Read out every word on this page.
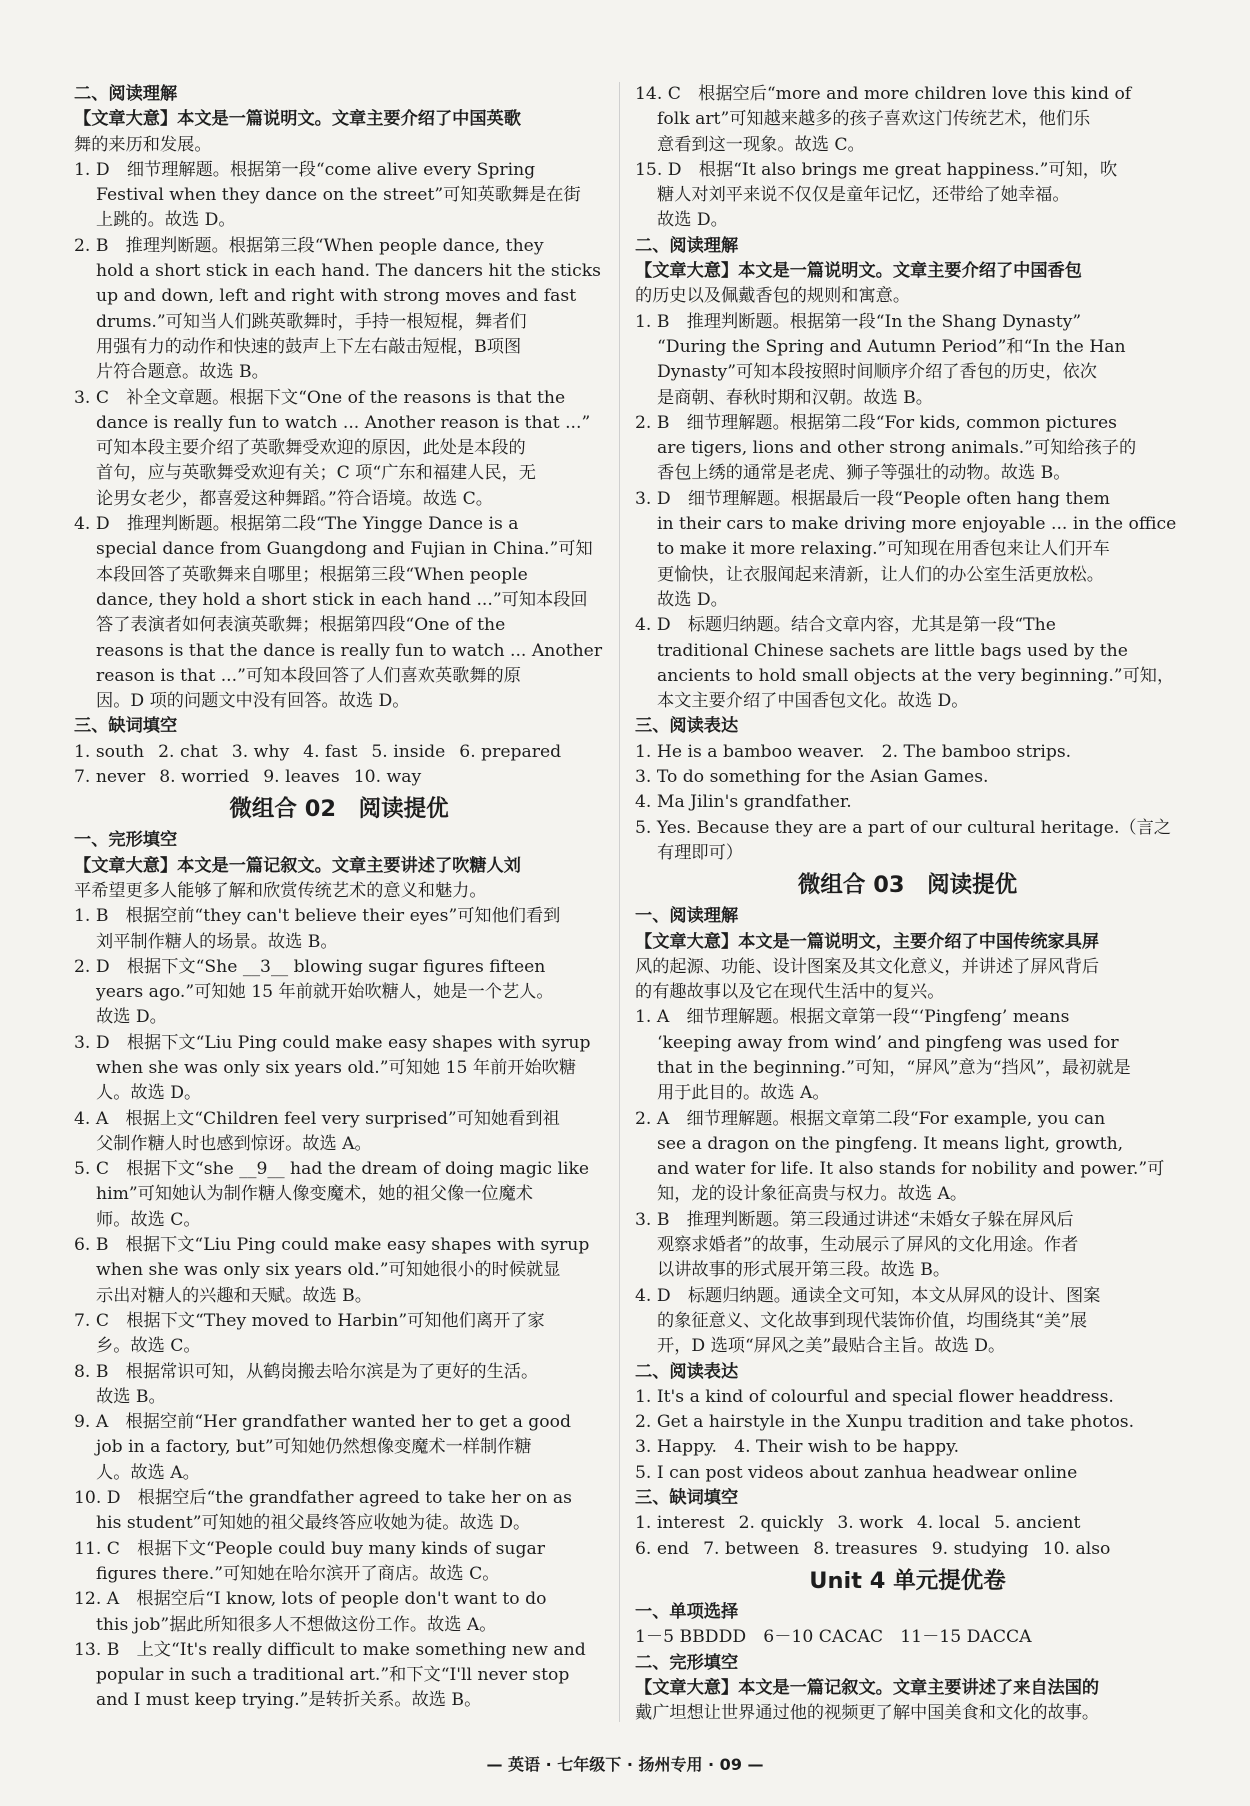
二、阅读理解
【文章大意】本文是一篇说明文。文章主要介绍了中国英歌
舞的来历和发展。
1. D　细节理解题。根据第一段“come alive every Spring
Festival when they dance on the street”可知英歌舞是在街
上跳的。故选 D。
2. B　推理判断题。根据第三段“When people dance, they
hold a short stick in each hand. The dancers hit the sticks
up and down, left and right with strong moves and fast
drums.”可知当人们跳英歌舞时，手持一根短棍，舞者们
用强有力的动作和快速的鼓声上下左右敲击短棍，B项图
片符合题意。故选 B。
3. C　补全文章题。根据下文“One of the reasons is that the
dance is really fun to watch ... Another reason is that ...”
可知本段主要介绍了英歌舞受欢迎的原因，此处是本段的
首句，应与英歌舞受欢迎有关；C 项“广东和福建人民，无
论男女老少，都喜爱这种舞蹈。”符合语境。故选 C。
4. D　推理判断题。根据第二段“The Yingge Dance is a
special dance from Guangdong and Fujian in China.”可知
本段回答了英歌舞来自哪里；根据第三段“When people
dance, they hold a short stick in each hand ...”可知本段回
答了表演者如何表演英歌舞；根据第四段“One of the
reasons is that the dance is really fun to watch ... Another
reason is that ...”可知本段回答了人们喜欢英歌舞的原
因。D 项的问题文中没有回答。故选 D。
三、缺词填空
1. south 2. chat 3. why 4. fast 5. inside 6. prepared
7. never 8. worried 9. leaves 10. way
微组合 02　阅读提优
一、完形填空
【文章大意】本文是一篇记叙文。文章主要讲述了吹糖人刘
平希望更多人能够了解和欣赏传统艺术的意义和魅力。
1. B　根据空前“they can't believe their eyes”可知他们看到
刘平制作糖人的场景。故选 B。
2. D　根据下文“She __3__ blowing sugar figures fifteen
years ago.”可知她 15 年前就开始吹糖人，她是一个艺人。
故选 D。
3. D　根据下文“Liu Ping could make easy shapes with syrup
when she was only six years old.”可知她 15 年前开始吹糖
人。故选 D。
4. A　根据上文“Children feel very surprised”可知她看到祖
父制作糖人时也感到惊讶。故选 A。
5. C　根据下文“she __9__ had the dream of doing magic like
him”可知她认为制作糖人像变魔术，她的祖父像一位魔术
师。故选 C。
6. B　根据下文“Liu Ping could make easy shapes with syrup
when she was only six years old.”可知她很小的时候就显
示出对糖人的兴趣和天赋。故选 B。
7. C　根据下文“They moved to Harbin”可知他们离开了家
乡。故选 C。
8. B　根据常识可知，从鹤岗搬去哈尔滨是为了更好的生活。
故选 B。
9. A　根据空前“Her grandfather wanted her to get a good
job in a factory, but”可知她仍然想像变魔术一样制作糖
人。故选 A。
10. D　根据空后“the grandfather agreed to take her on as
his student”可知她的祖父最终答应收她为徒。故选 D。
11. C　根据下文“People could buy many kinds of sugar
figures there.”可知她在哈尔滨开了商店。故选 C。
12. A　根据空后“I know, lots of people don't want to do
this job”据此所知很多人不想做这份工作。故选 A。
13. B　上文“It's really difficult to make something new and
popular in such a traditional art.”和下文“I'll never stop
and I must keep trying.”是转折关系。故选 B。
14. C　根据空后“more and more children love this kind of
folk art”可知越来越多的孩子喜欢这门传统艺术，他们乐
意看到这一现象。故选 C。
15. D　根据“It also brings me great happiness.”可知，吹
糖人对刘平来说不仅仅是童年记忆，还带给了她幸福。
故选 D。
二、阅读理解
【文章大意】本文是一篇说明文。文章主要介绍了中国香包
的历史以及佩戴香包的规则和寓意。
1. B　推理判断题。根据第一段“In the Shang Dynasty”
“During the Spring and Autumn Period”和“In the Han
Dynasty”可知本段按照时间顺序介绍了香包的历史，依次
是商朝、春秋时期和汉朝。故选 B。
2. B　细节理解题。根据第二段“For kids, common pictures
are tigers, lions and other strong animals.”可知给孩子的
香包上绣的通常是老虎、狮子等强壮的动物。故选 B。
3. D　细节理解题。根据最后一段“People often hang them
in their cars to make driving more enjoyable ... in the office
to make it more relaxing.”可知现在用香包来让人们开车
更愉快，让衣服闻起来清新，让人们的办公室生活更放松。
故选 D。
4. D　标题归纳题。结合文章内容，尤其是第一段“The
traditional Chinese sachets are little bags used by the
ancients to hold small objects at the very beginning.”可知，
本文主要介绍了中国香包文化。故选 D。
三、阅读表达
1. He is a bamboo weaver.　2. The bamboo strips.
3. To do something for the Asian Games.
4. Ma Jilin's grandfather.
5. Yes. Because they are a part of our cultural heritage.（言之
有理即可）
微组合 03　阅读提优
一、阅读理解
【文章大意】本文是一篇说明文，主要介绍了中国传统家具屏
风的起源、功能、设计图案及其文化意义，并讲述了屏风背后
的有趣故事以及它在现代生活中的复兴。
1. A　细节理解题。根据文章第一段“‘Pingfeng’ means
‘keeping away from wind’ and pingfeng was used for
that in the beginning.”可知，“屏风”意为“挡风”，最初就是
用于此目的。故选 A。
2. A　细节理解题。根据文章第二段“For example, you can
see a dragon on the pingfeng. It means light, growth,
and water for life. It also stands for nobility and power.”可
知，龙的设计象征高贵与权力。故选 A。
3. B　推理判断题。第三段通过讲述“未婚女子躲在屏风后
观察求婚者”的故事，生动展示了屏风的文化用途。作者
以讲故事的形式展开第三段。故选 B。
4. D　标题归纳题。通读全文可知，本文从屏风的设计、图案
的象征意义、文化故事到现代装饰价值，均围绕其“美”展
开，D 选项“屏风之美”最贴合主旨。故选 D。
二、阅读表达
1. It's a kind of colourful and special flower headdress.
2. Get a hairstyle in the Xunpu tradition and take photos.
3. Happy.　4. Their wish to be happy.
5. I can post videos about zanhua headwear online
三、缺词填空
1. interest 2. quickly 3. work 4. local 5. ancient
6. end 7. between 8. treasures 9. studying 10. also
Unit 4 单元提优卷
一、单项选择
1－5 BBDDD　6－10 CACAC　11－15 DACCA
二、完形填空
【文章大意】本文是一篇记叙文。文章主要讲述了来自法国的
戴广坦想让世界通过他的视频更了解中国美食和文化的故事。
— 英语 · 七年级下 · 扬州专用 · 09 —
